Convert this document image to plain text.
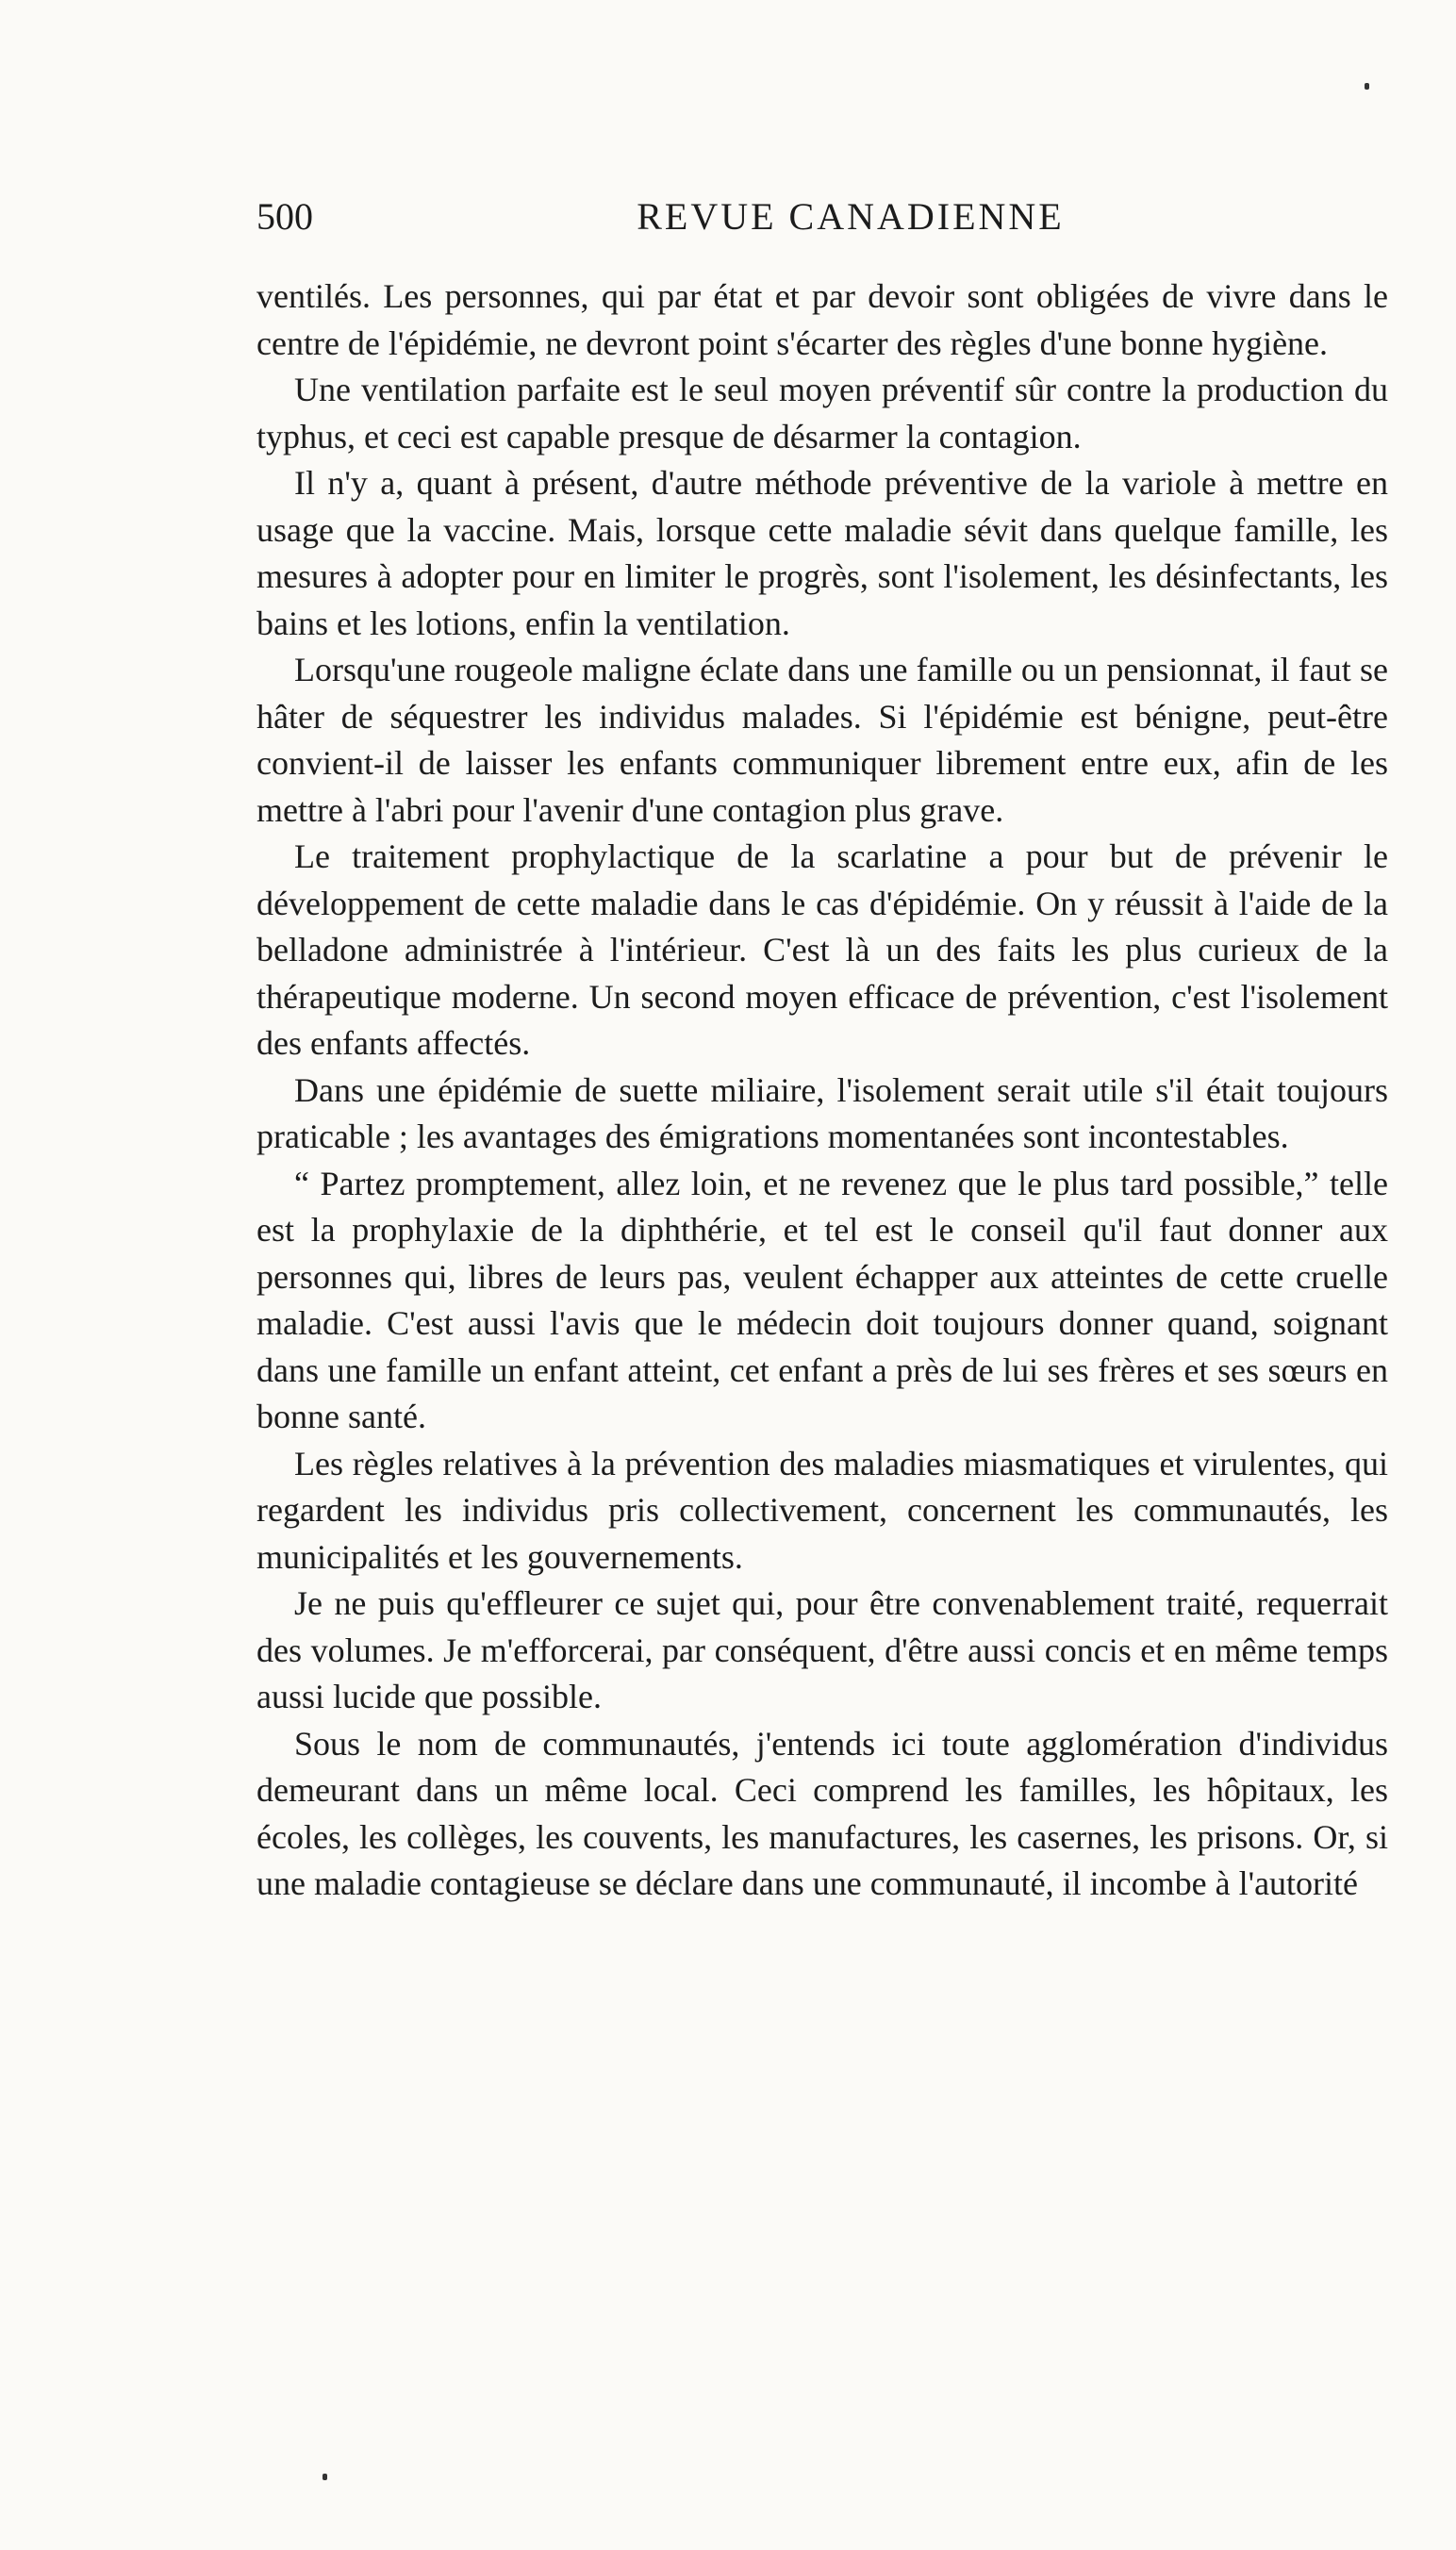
500	REVUE CANADIENNE

ventilés. Les personnes, qui par état et par devoir sont obligées de vivre dans le centre de l'épidémie, ne devront point s'écarter des règles d'une bonne hygiène.

Une ventilation parfaite est le seul moyen préventif sûr contre la production du typhus, et ceci est capable presque de désarmer la contagion.

Il n'y a, quant à présent, d'autre méthode préventive de la variole à mettre en usage que la vaccine. Mais, lorsque cette maladie sévit dans quelque famille, les mesures à adopter pour en limiter le progrès, sont l'isolement, les désinfectants, les bains et les lotions, enfin la ventilation.

Lorsqu'une rougeole maligne éclate dans une famille ou un pensionnat, il faut se hâter de séquestrer les individus malades. Si l'épidémie est bénigne, peut-être convient-il de laisser les enfants communiquer librement entre eux, afin de les mettre à l'abri pour l'avenir d'une contagion plus grave.

Le traitement prophylactique de la scarlatine a pour but de prévenir le développement de cette maladie dans le cas d'épidémie. On y réussit à l'aide de la belladone administrée à l'intérieur. C'est là un des faits les plus curieux de la thérapeutique moderne. Un second moyen efficace de prévention, c'est l'isolement des enfants affectés.

Dans une épidémie de suette miliaire, l'isolement serait utile s'il était toujours praticable ; les avantages des émigrations momentanées sont incontestables.

“ Partez promptement, allez loin, et ne revenez que le plus tard possible,” telle est la prophylaxie de la diphthérie, et tel est le conseil qu'il faut donner aux personnes qui, libres de leurs pas, veulent échapper aux atteintes de cette cruelle maladie. C'est aussi l'avis que le médecin doit toujours donner quand, soignant dans une famille un enfant atteint, cet enfant a près de lui ses frères et ses sœurs en bonne santé.

Les règles relatives à la prévention des maladies miasmatiques et virulentes, qui regardent les individus pris collectivement, concernent les communautés, les municipalités et les gouvernements.

Je ne puis qu'effleurer ce sujet qui, pour être convenablement traité, requerrait des volumes. Je m'efforcerai, par conséquent, d'être aussi concis et en même temps aussi lucide que possible.

Sous le nom de communautés, j'entends ici toute agglomération d'individus demeurant dans un même local. Ceci comprend les familles, les hôpitaux, les écoles, les collèges, les couvents, les manufactures, les casernes, les prisons. Or, si une maladie contagieuse se déclare dans une communauté, il incombe à l'autorité
